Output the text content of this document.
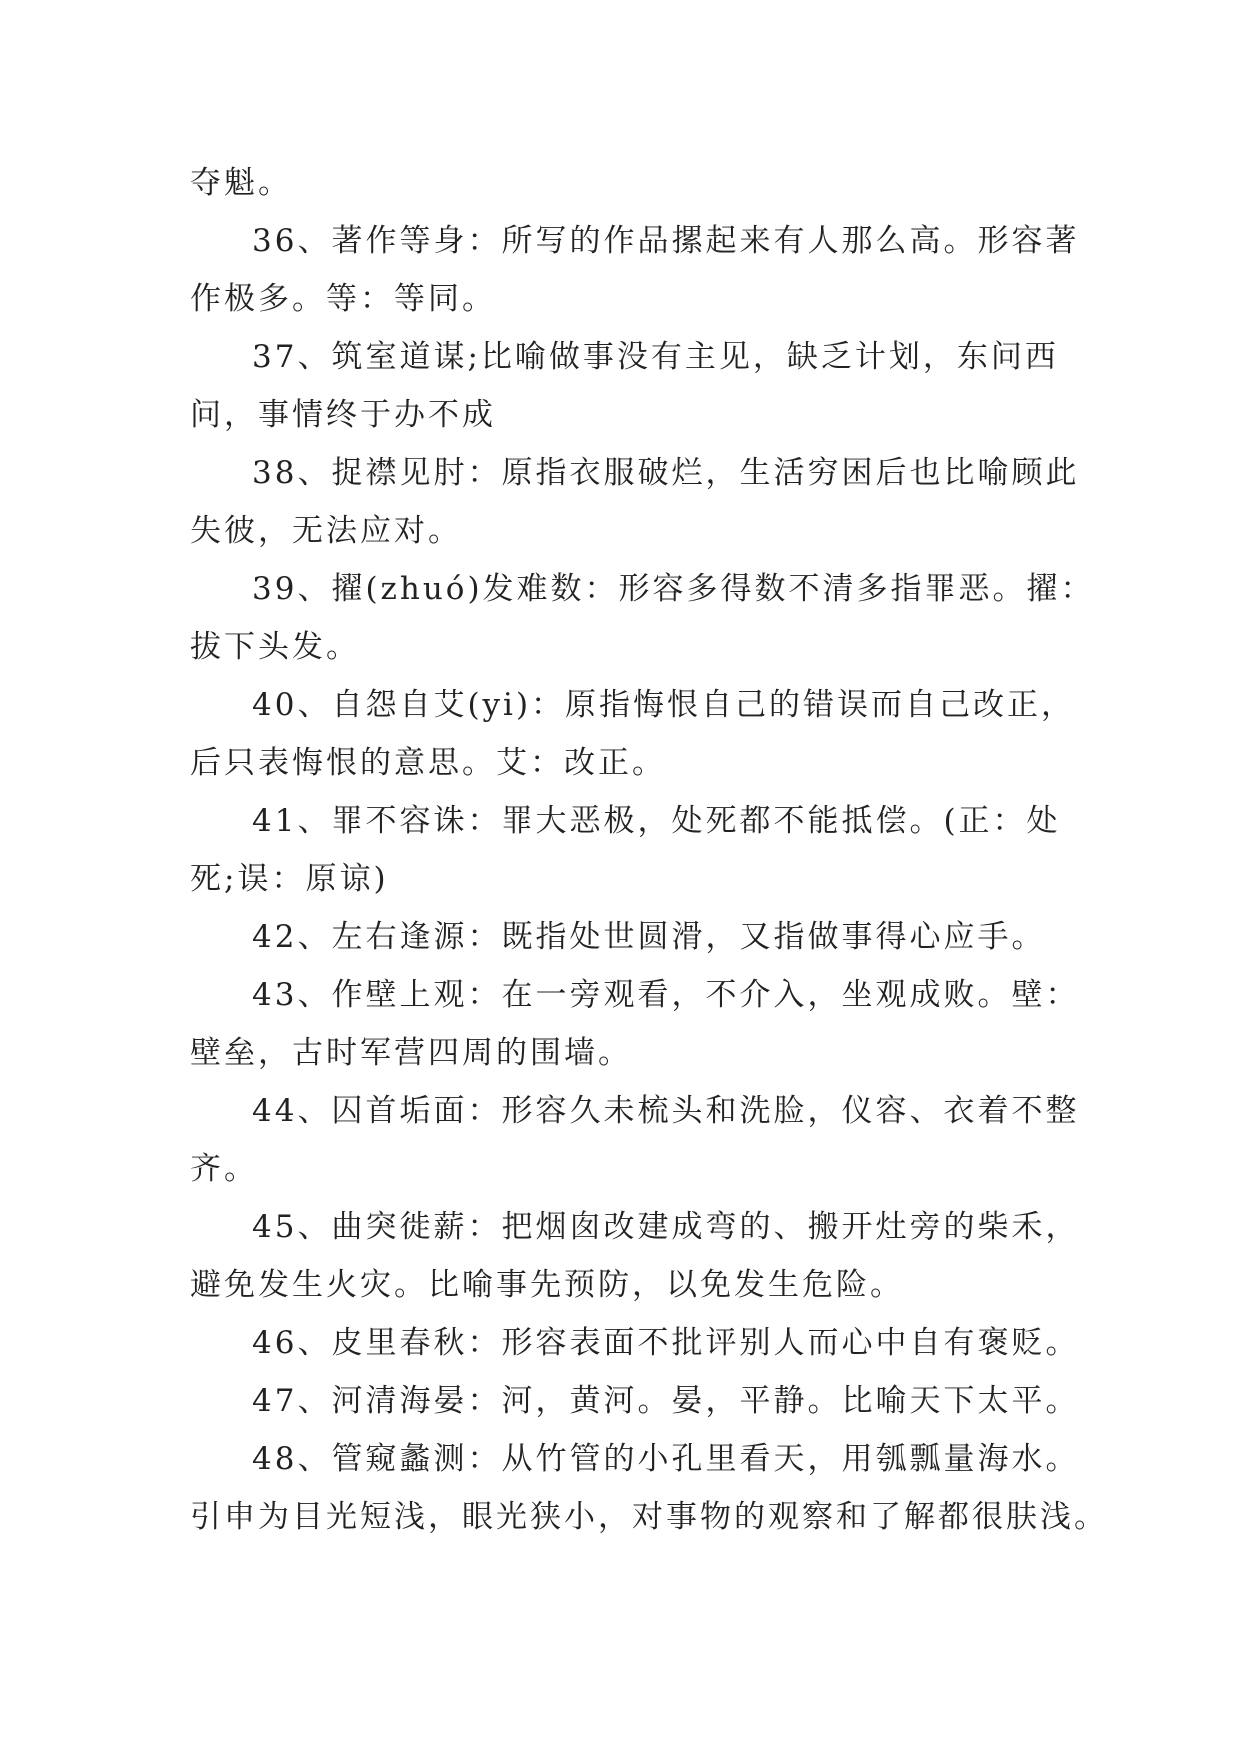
夺魁。
36、著作等身：所写的作品摞起来有人那么高。形容著
作极多。等：等同。
37、筑室道谋;比喻做事没有主见，缺乏计划，东问西
问，事情终于办不成
38、捉襟见肘：原指衣服破烂，生活穷困后也比喻顾此
失彼，无法应对。
39、擢(zhuó)发难数：形容多得数不清多指罪恶。擢：
拔下头发。
40、自怨自艾(yi)：原指悔恨自己的错误而自己改正，
后只表悔恨的意思。艾：改正。
41、罪不容诛：罪大恶极，处死都不能抵偿。(正：处
死;误：原谅)
42、左右逢源：既指处世圆滑，又指做事得心应手。
43、作壁上观：在一旁观看，不介入，坐观成败。壁：
壁垒，古时军营四周的围墙。
44、囚首垢面：形容久未梳头和洗脸，仪容、衣着不整
齐。
45、曲突徙薪：把烟囱改建成弯的、搬开灶旁的柴禾，
避免发生火灾。比喻事先预防，以免发生危险。
46、皮里春秋：形容表面不批评别人而心中自有褒贬。
47、河清海晏：河，黄河。晏，平静。比喻天下太平。
48、管窥蠡测：从竹管的小孔里看天，用瓠瓢量海水。
引申为目光短浅，眼光狭小，对事物的观察和了解都很肤浅。
